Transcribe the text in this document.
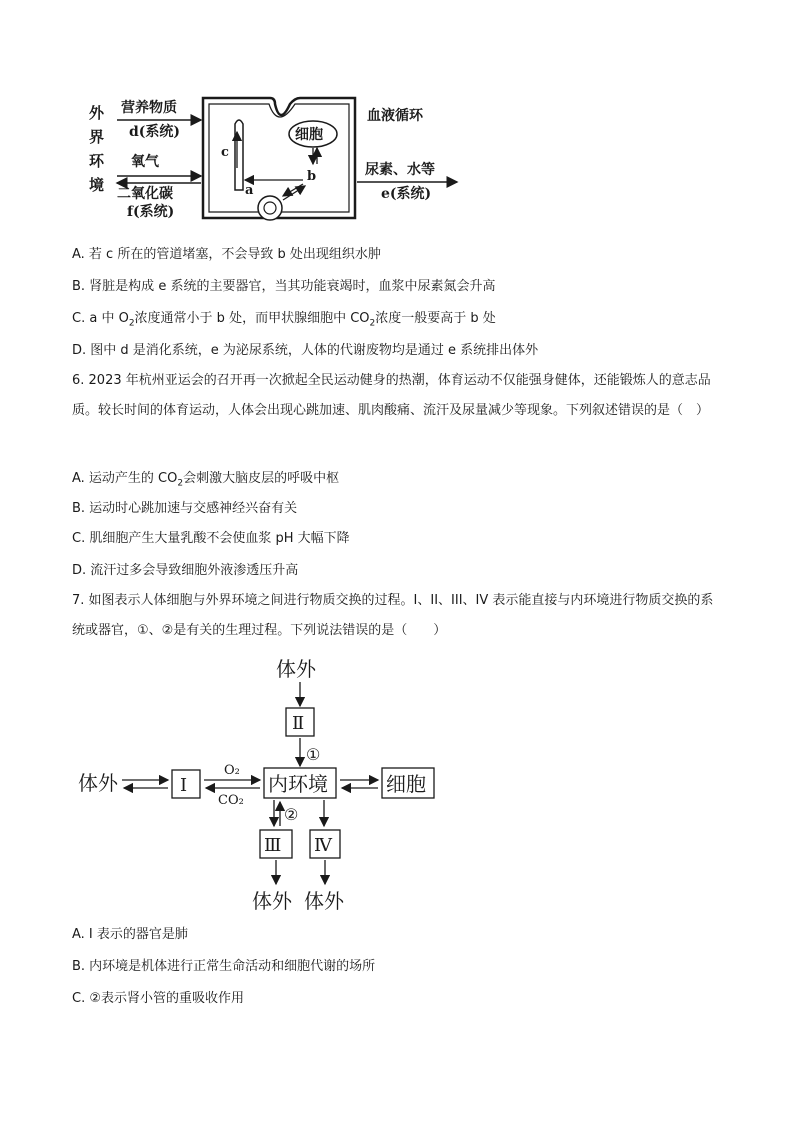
外
界
环
境
营养物质
d(系统)
氧气
二氧化碳
f(系统)
c
细胞
b
a
血液循环
尿素、水等
e(系统)
A. 若 c 所在的管道堵塞，不会导致 b 处出现组织水肿
B. 肾脏是构成 e 系统的主要器官，当其功能衰竭时，血浆中尿素氮会升高
C. a 中 $O_2$浓度通常小于 b 处，而甲状腺细胞中 $CO_2$浓度一般要高于 b 处
D. 图中 d 是消化系统，e 为泌尿系统，人体的代谢废物均是通过 e 系统排出体外
6. 2023 年杭州亚运会的召开再一次掀起全民运动健身的热潮，体育运动不仅能强身健体，还能锻炼人的意志品质。较长时间的体育运动，人体会出现心跳加速、肌肉酸痛、流汗及尿量减少等现象。下列叙述错误的是（　）
A. 运动产生的 $CO_2$会刺激大脑皮层的呼吸中枢
B. 运动时心跳加速与交感神经兴奋有关
C. 肌细胞产生大量乳酸不会使血浆 pH 大幅下降
D. 流汗过多会导致细胞外液渗透压升高
7. 如图表示人体细胞与外界环境之间进行物质交换的过程。I、II、III、IV 表示能直接与内环境进行物质交换的系统或器官，①、②是有关的生理过程。下列说法错误的是（　　）
体外
Ⅱ
①
体外	Ⅰ
O₂
CO₂
内环境	细胞
②
Ⅲ Ⅳ
体外 体外
A. I 表示的器官是肺
B. 内环境是机体进行正常生命活动和细胞代谢的场所
C. ②表示肾小管的重吸收作用
